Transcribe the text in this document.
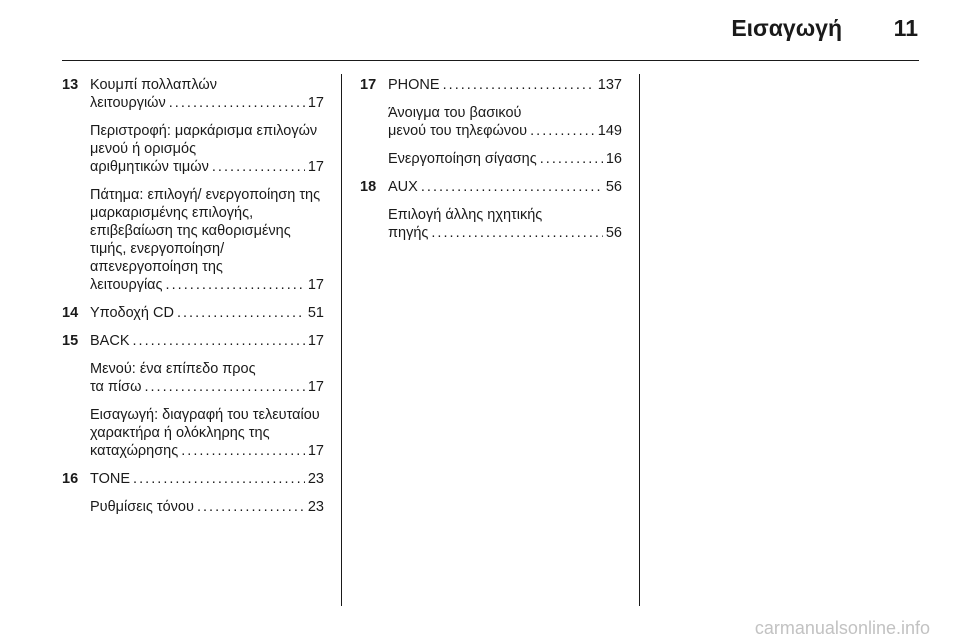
Εισαγωγή 11
13 Κουμπί πολλαπλών
λειτουργιών . . .	17
Περιστροφή: μαρκάρισμα επιλογών μενού ή ορισμός
αριθμητικών τιμών . . .	17
Πάτημα: επιλογή/ ενεργοποίηση της μαρκαρισμένης επιλογής, επιβεβαίωση της καθορισμένης τιμής, ενεργοποίηση/ απενεργοποίηση της
λειτουργίας . . .	17
14 Υποδοχή CD . . .	51
15 BACK . . .	17
Μενού: ένα επίπεδο προς
τα πίσω . . .	17
Εισαγωγή: διαγραφή του τελευταίου χαρακτήρα ή ολόκληρης της
καταχώρησης . . .	17
16 TONE . . .	23
Ρυθμίσεις τόνου . . .	23
17 PHONE . . .	137
Άνοιγμα του βασικού
μενού του τηλεφώνου . . .	149
Ενεργοποίηση σίγασης . . .	16
18 AUX . . .	56
Επιλογή άλλης ηχητικής
πηγής . . .	56
carmanualsonline.info
